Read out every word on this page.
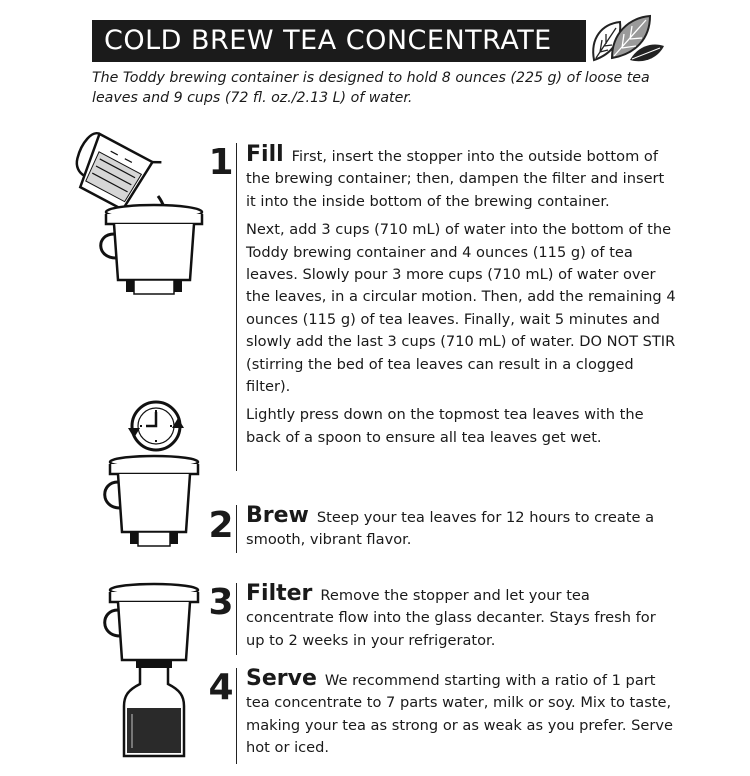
COLD BREW TEA CONCENTRATE

The Toddy brewing container is designed to hold 8 ounces (225 g) of loose tea leaves and 9 cups (72 fl. oz./2.13 L) of water.

1 Fill First, insert the stopper into the outside bottom of the brewing container; then, dampen the filter and insert it into the inside bottom of the brewing container.

Next, add 3 cups (710 mL) of water into the bottom of the Toddy brewing container and 4 ounces (115 g) of tea leaves. Slowly pour 3 more cups (710 mL) of water over the leaves, in a circular motion. Then, add the remaining 4 ounces (115 g) of tea leaves. Finally, wait 5 minutes and slowly add the last 3 cups (710 mL) of water. DO NOT STIR (stirring the bed of tea leaves can result in a clogged filter).

Lightly press down on the topmost tea leaves with the back of a spoon to ensure all tea leaves get wet.

2 Brew Steep your tea leaves for 12 hours to create a smooth, vibrant flavor.

3 Filter Remove the stopper and let your tea concentrate flow into the glass decanter. Stays fresh for up to 2 weeks in your refrigerator.

4 Serve We recommend starting with a ratio of 1 part tea concentrate to 7 parts water, milk or soy. Mix to taste, making your tea as strong or as weak as you prefer. Serve hot or iced.
